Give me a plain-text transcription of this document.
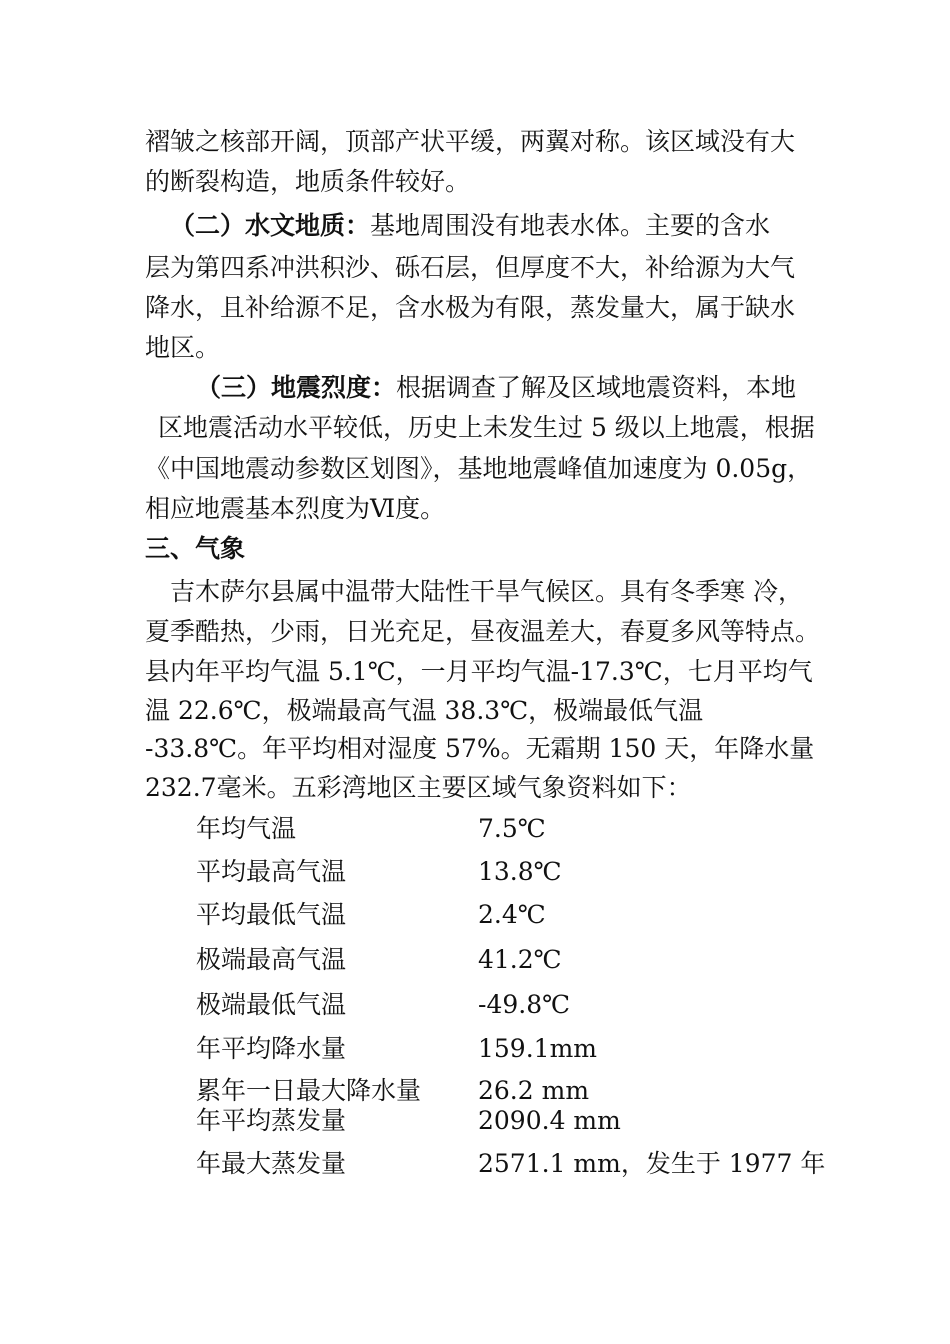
褶皱之核部开阔，顶部产状平缓，两翼对称。该区域没有大
的断裂构造，地质条件较好。
（二）水文地质：基地周围没有地表水体。主要的含水
层为第四系冲洪积沙、砾石层，但厚度不大，补给源为大气
降水，且补给源不足，含水极为有限，蒸发量大，属于缺水
地区。
（三）地震烈度：根据调查了解及区域地震资料，本地
区地震活动水平较低，历史上未发生过 5 级以上地震，根据
《中国地震动参数区划图》，基地地震峰值加速度为 0.05g，
相应地震基本烈度为Ⅵ度。
三、气象
吉木萨尔县属中温带大陆性干旱气候区。具有冬季寒 冷，
夏季酷热，少雨，日光充足，昼夜温差大，春夏多风等特点。
县内年平均气温 5.1℃，一月平均气温-17.3℃，七月平均气
温 22.6℃，极端最高气温 38.3℃，极端最低气温
-33.8℃。年平均相对湿度 57%。无霜期 150 天，年降水量
232.7毫米。五彩湾地区主要区域气象资料如下：
年均气温	7.5℃
平均最高气温	13.8℃
平均最低气温	2.4℃
极端最高气温	41.2℃
极端最低气温	-49.8℃
年平均降水量	159.1mm
累年一日最大降水量 26.2 mm
年平均蒸发量	2090.4 mm
年最大蒸发量	2571.1 mm，发生于 1977 年
